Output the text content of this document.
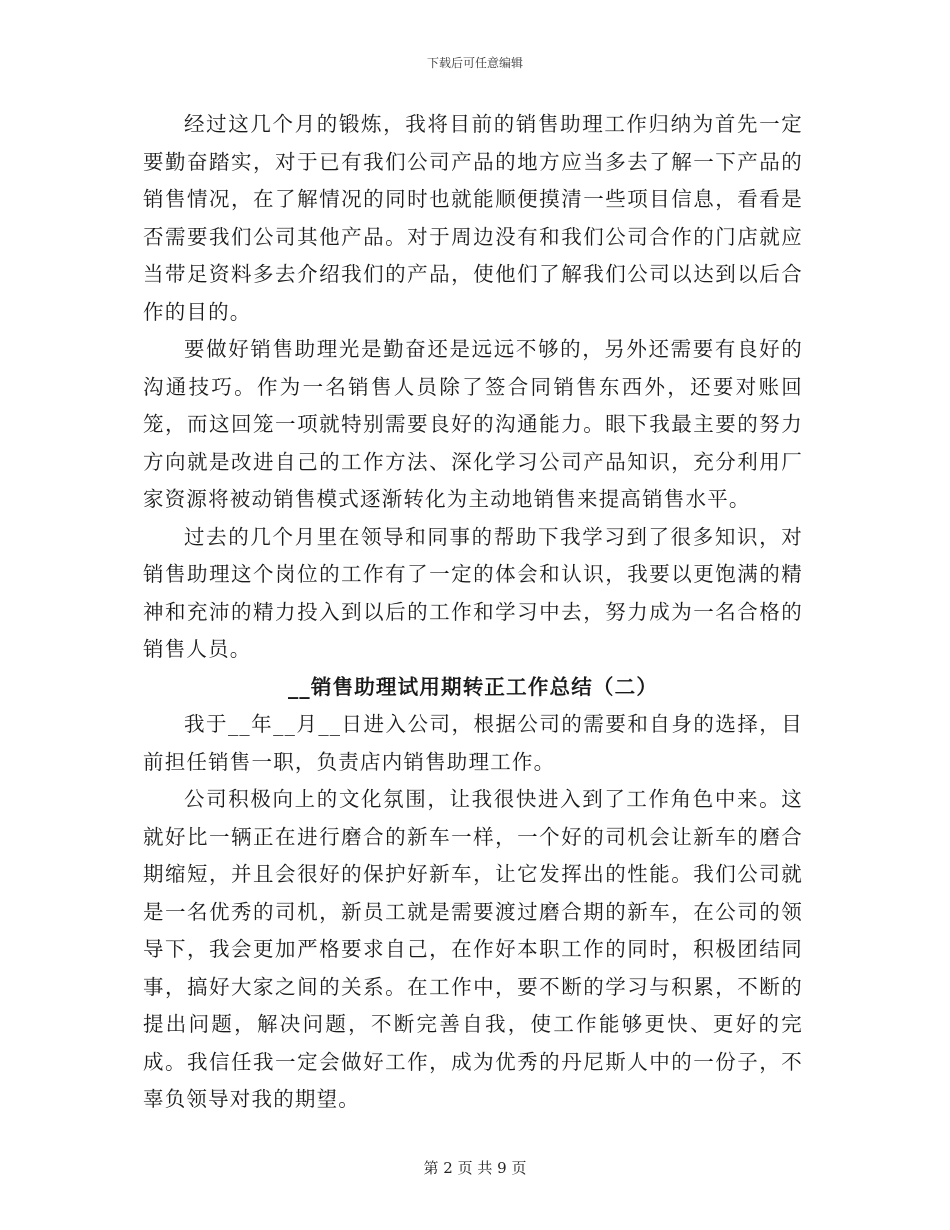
下载后可任意编辑

经过这几个月的锻炼，我将目前的销售助理工作归纳为首先一定要勤奋踏实，对于已有我们公司产品的地方应当多去了解一下产品的销售情况，在了解情况的同时也就能顺便摸清一些项目信息，看看是否需要我们公司其他产品。对于周边没有和我们公司合作的门店就应当带足资料多去介绍我们的产品，使他们了解我们公司以达到以后合作的目的。

要做好销售助理光是勤奋还是远远不够的，另外还需要有良好的沟通技巧。作为一名销售人员除了签合同销售东西外，还要对账回笼，而这回笼一项就特别需要良好的沟通能力。眼下我最主要的努力方向就是改进自己的工作方法、深化学习公司产品知识，充分利用厂家资源将被动销售模式逐渐转化为主动地销售来提高销售水平。

过去的几个月里在领导和同事的帮助下我学习到了很多知识，对销售助理这个岗位的工作有了一定的体会和认识，我要以更饱满的精神和充沛的精力投入到以后的工作和学习中去，努力成为一名合格的销售人员。

__销售助理试用期转正工作总结（二）

我于__年__月__日进入公司，根据公司的需要和自身的选择，目前担任销售一职，负责店内销售助理工作。

公司积极向上的文化氛围，让我很快进入到了工作角色中来。这就好比一辆正在进行磨合的新车一样，一个好的司机会让新车的磨合期缩短，并且会很好的保护好新车，让它发挥出的性能。我们公司就是一名优秀的司机，新员工就是需要渡过磨合期的新车，在公司的领导下，我会更加严格要求自己，在作好本职工作的同时，积极团结同事，搞好大家之间的关系。在工作中，要不断的学习与积累，不断的提出问题，解决问题，不断完善自我，使工作能够更快、更好的完成。我信任我一定会做好工作，成为优秀的丹尼斯人中的一份子，不辜负领导对我的期望。

第 2 页 共 9 页
